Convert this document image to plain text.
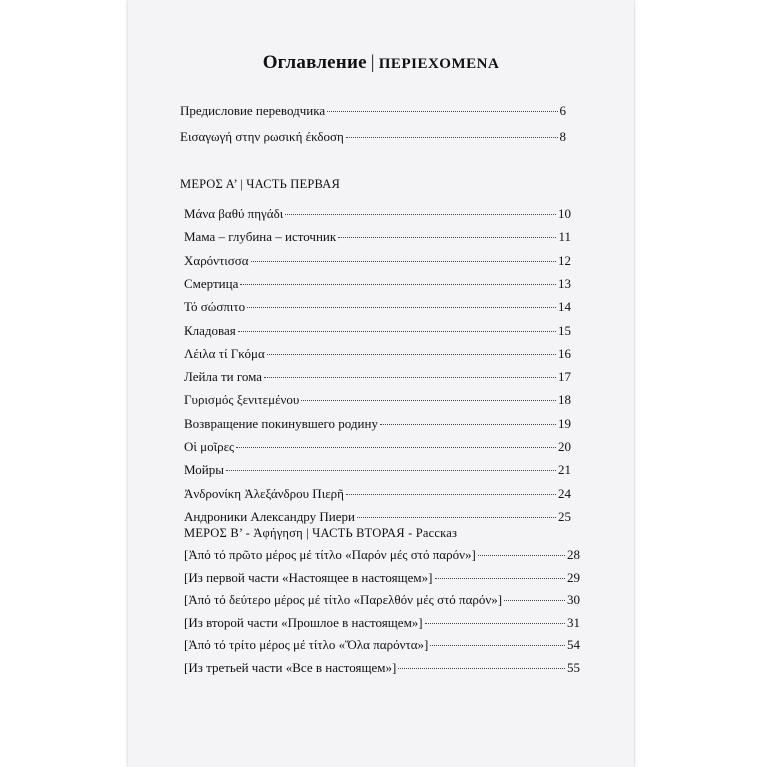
Оглавление | ΠΕΡΙΕΧΟΜΕΝΑ
Предисловие переводчика	6
Εισαγωγή στην ρωσική έκδοση	8
ΜΕΡΟΣ Α’ | ЧАСТЬ ПЕРВАЯ
Μάνα βαθύ πηγάδι	10
Мама – глубина – источник	11
Χαρόντισσα	12
Смертица	13
Τό σώσπιτο	14
Кладовая	15
Λέιλα τί Γκόμα	16
Лейла ти гома	17
Γυρισμός ξενιτεμένου	18
Возвращение покинувшего родину	19
Οἱ μοῖρες	20
Мойры	21
Ἀνδρονίκη Ἀλεξάνδρου Πιερῆ	24
Андроники Александру Пиери	25
ΜΕΡΟΣ Β’ - Ἀφήγηση | ЧАСТЬ ВТОРАЯ - Рассказ
[Ἀπό τό πρῶτο μέρος μέ τίτλο «Παρόν μές στό παρόν»]	28
[Из первой части «Настоящее в настоящем»]	29
[Ἀπό τό δεύτερο μέρος μέ τίτλο «Παρελθόν μές στό παρόν»]	30
[Из второй части «Прошлое в настоящем»]	31
[Ἀπό τό τρίτο μέρος μέ τίτλο «Ὅλα παρόντα»]	54
[Из третьей части «Все в настоящем»]	55
